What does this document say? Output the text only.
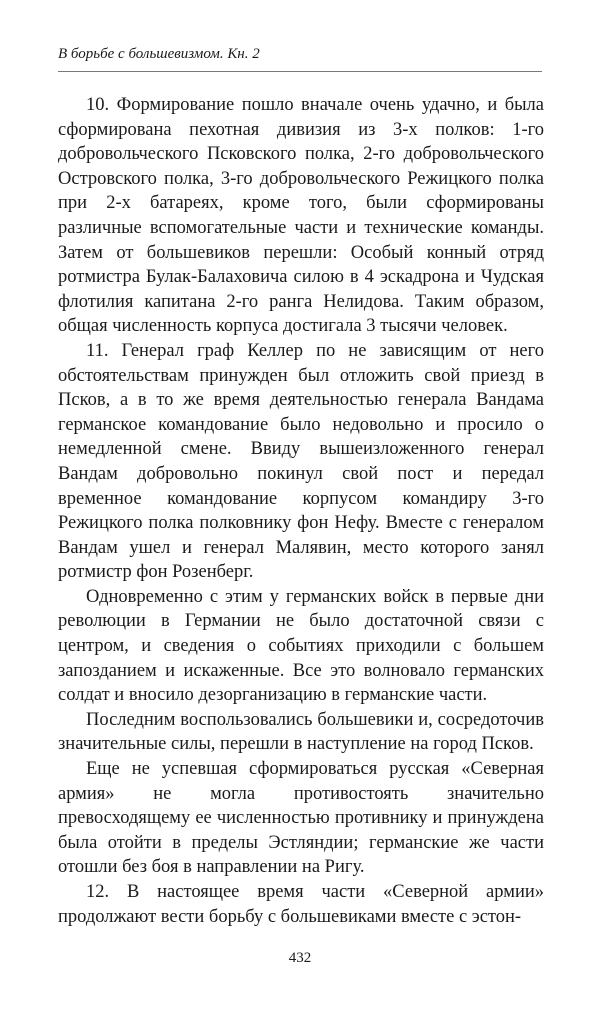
В борьбе с большевизмом. Кн. 2

10. Формирование пошло вначале очень удачно, и была сформирована пехотная дивизия из 3-х полков: 1-го добровольческого Псковского полка, 2-го добровольческого Островского полка, 3-го добровольческого Режицкого полка при 2-х батареях, кроме того, были сформированы различные вспомогательные части и технические команды. Затем от большевиков перешли: Особый конный отряд ротмистра Булак-Балаховича силою в 4 эскадрона и Чудская флотилия капитана 2-го ранга Нелидова. Таким образом, общая численность корпуса достигала 3 тысячи человек.

11. Генерал граф Келлер по не зависящим от него обстоятельствам принужден был отложить свой приезд в Псков, а в то же время деятельностью генерала Вандама германское командование было недовольно и просило о немедленной смене. Ввиду вышеизложенного генерал Вандам добровольно покинул свой пост и передал временное командование корпусом командиру 3-го Режицкого полка полковнику фон Нефу. Вместе с генералом Вандам ушел и генерал Малявин, место которого занял ротмистр фон Розенберг.

Одновременно с этим у германских войск в первые дни революции в Германии не было достаточной связи с центром, и сведения о событиях приходили с большем запозданием и искаженные. Все это волновало германских солдат и вносило дезорганизацию в германские части.

Последним воспользовались большевики и, сосредоточив значительные силы, перешли в наступление на город Псков.

Еще не успевшая сформироваться русская «Северная армия» не могла противостоять значительно превосходящему ее численностью противнику и принуждена была отойти в пределы Эстляндии; германские же части отошли без боя в направлении на Ригу.

12. В настоящее время части «Северной армии» продолжают вести борьбу с большевиками вместе с эстон-

432
